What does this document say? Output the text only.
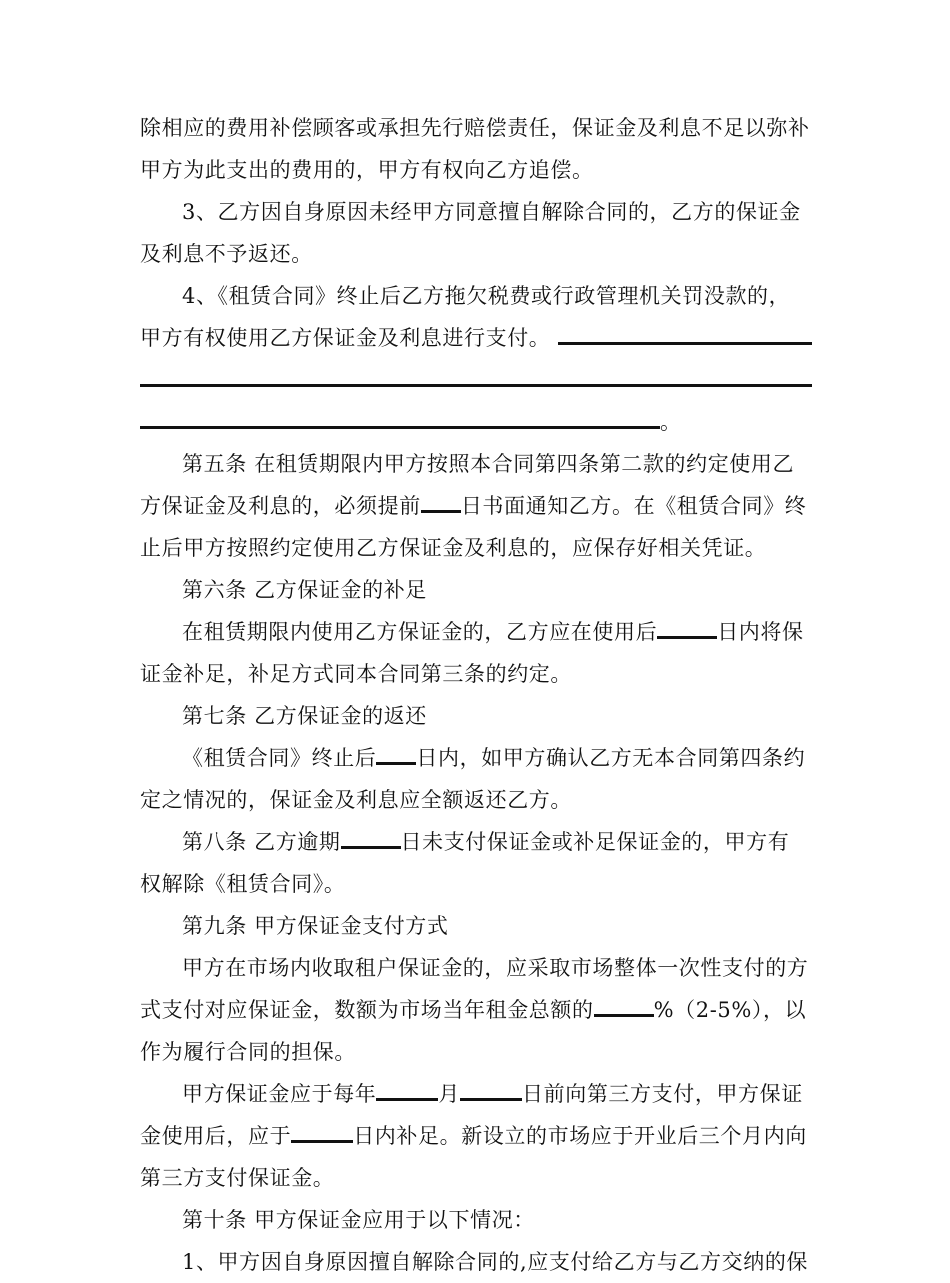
除相应的费用补偿顾客或承担先行赔偿责任，保证金及利息不足以弥补
甲方为此支出的费用的，甲方有权向乙方追偿。
3、乙方因自身原因未经甲方同意擅自解除合同的，乙方的保证金
及利息不予返还。
4、《租赁合同》终止后乙方拖欠税费或行政管理机关罚没款的，
甲方有权使用乙方保证金及利息进行支付。
。
第五条 在租赁期限内甲方按照本合同第四条第二款的约定使用乙
方保证金及利息的，必须提前 日书面通知乙方。在《租赁合同》终
止后甲方按照约定使用乙方保证金及利息的，应保存好相关凭证。
第六条 乙方保证金的补足
在租赁期限内使用乙方保证金的，乙方应在使用后	日内将保
证金补足，补足方式同本合同第三条的约定。
第七条 乙方保证金的返还
《租赁合同》终止后 日内，如甲方确认乙方无本合同第四条约
定之情况的，保证金及利息应全额返还乙方。
第八条 乙方逾期	日未支付保证金或补足保证金的，甲方有
权解除《租赁合同》。
第九条 甲方保证金支付方式
甲方在市场内收取租户保证金的，应采取市场整体一次性支付的方
式支付对应保证金，数额为市场当年租金总额的	%（2-5%），以
作为履行合同的担保。
甲方保证金应于每年	月	日前向第三方支付，甲方保证
金使用后，应于	日内补足。新设立的市场应于开业后三个月内向
第三方支付保证金。
第十条 甲方保证金应用于以下情况：
1、甲方因自身原因擅自解除合同的,应支付给乙方与乙方交纳的保
